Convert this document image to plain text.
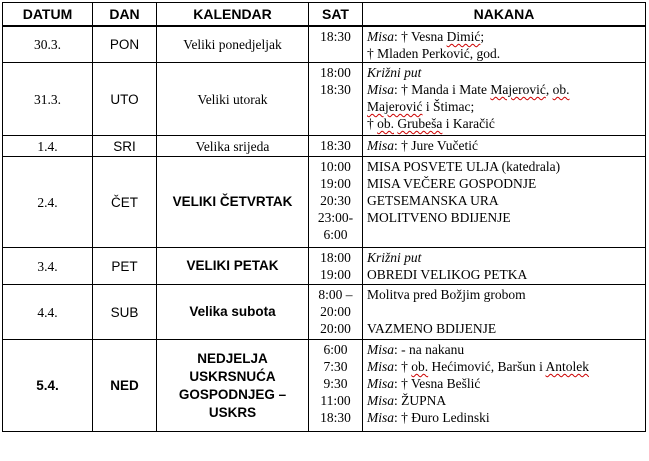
DATUM	DAN	KALENDAR	SAT	NAKANA
30.3.	PON	Veliki ponedjeljak	18:30	Misa: † Vesna Dimić;
† Mladen Perković, god.

31.3.	UTO	Veliki utorak	18:00
18:30	Križni put
Misa: † Manda i Mate Majerović, ob.
Majerović i Štimac;
† ob. Grubeša i Karačić

1.4.	SRI	Velika srijeda	18:30	Misa: † Jure Vučetić

2.4.	ČET	VELIKI ČETVRTAK	10:00
19:00
20:30
23:00-
6:00	MISA POSVETE ULJA (katedrala)
MISA VEČERE GOSPODNJE
GETSEMANSKA URA
MOLITVENO BDIJENJE

3.4.	PET	VELIKI PETAK	18:00
19:00	Križni put
OBREDI VELIKOG PETKA

4.4.	SUB	Velika subota	8:00 –
20:00
20:00	Molitva pred Božjim grobom
VAZMENO BDIJENJE

5.4.	NED	NEDJELJA USKRSNUĆA GOSPODNJEG – USKRS	6:00
7:30
9:30
11:00
18:30	Misa: - na nakanu
Misa: † ob. Hećimović, Baršun i Antolek
Misa: † Vesna Bešlić
Misa: ŽUPNA
Misa: † Đuro Ledinski
